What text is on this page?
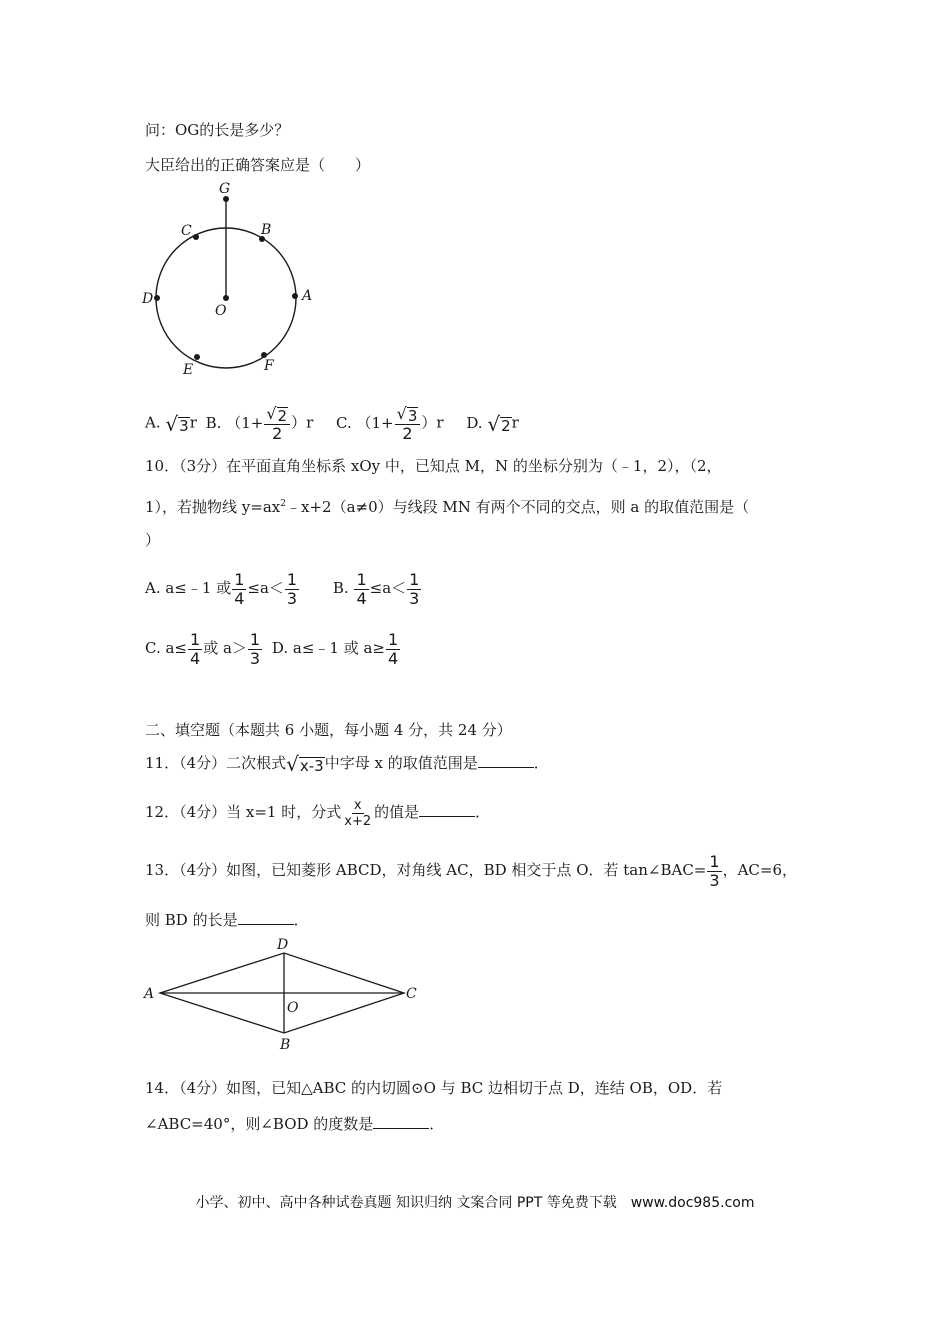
问：OG的长是多少？
大臣给出的正确答案应是（　　）
G
C	B
D	A
O
E	F
A. √ 3 r B. $(1+ \frac{√ 2}{2} )r$ C. $(1+ \frac{√ 3}{2} )r$ D. √ 2 r
10．（3分）在平面直角坐标系 xOy 中，已知点 M，N 的坐标分别为（﹣1，2），（2，
1），若抛物线 $y=ax^2﹣x+2(a\ne 0)$与线段 MN 有两个不同的交点，则 a 的取值范围是（
）
A. a≤﹣1 或 $\frac{1}{4} \le a< \frac{1}{3} B$. $\frac{1}{4} \le a< \frac{1}{3}$
C. $a\le \frac{1}{4}$ 或 $a> \frac{1}{3} D$. a≤﹣1 或 $a\ge \frac{1}{4}$
二、填空题（本题共 6 小题，每小题 4 分，共 24 分）
11．（4分）二次根式 √ x-3 中字母 x 的取值范围是	．
12．（4分）当 x=1 时，分式 $\frac{x}{x+2}$ 的值是	．
13．（4分）如图，已知菱形 ABCD，对角线 AC，BD 相交于点 O．若 tan∠BAC= $\frac{1}{3}$ ，AC=6，
则 BD 的长是	．
A
D
C
O
B
14．（4分）如图，已知△ABC 的内切圆⊙O 与 BC 边相切于点 D，连结 OB，OD．若
∠ABC=40°，则∠BOD 的度数是	．
小学、初中、高中各种试卷真题 知识归纳 文案合同 PPT 等免费下载　www.doc985.com
